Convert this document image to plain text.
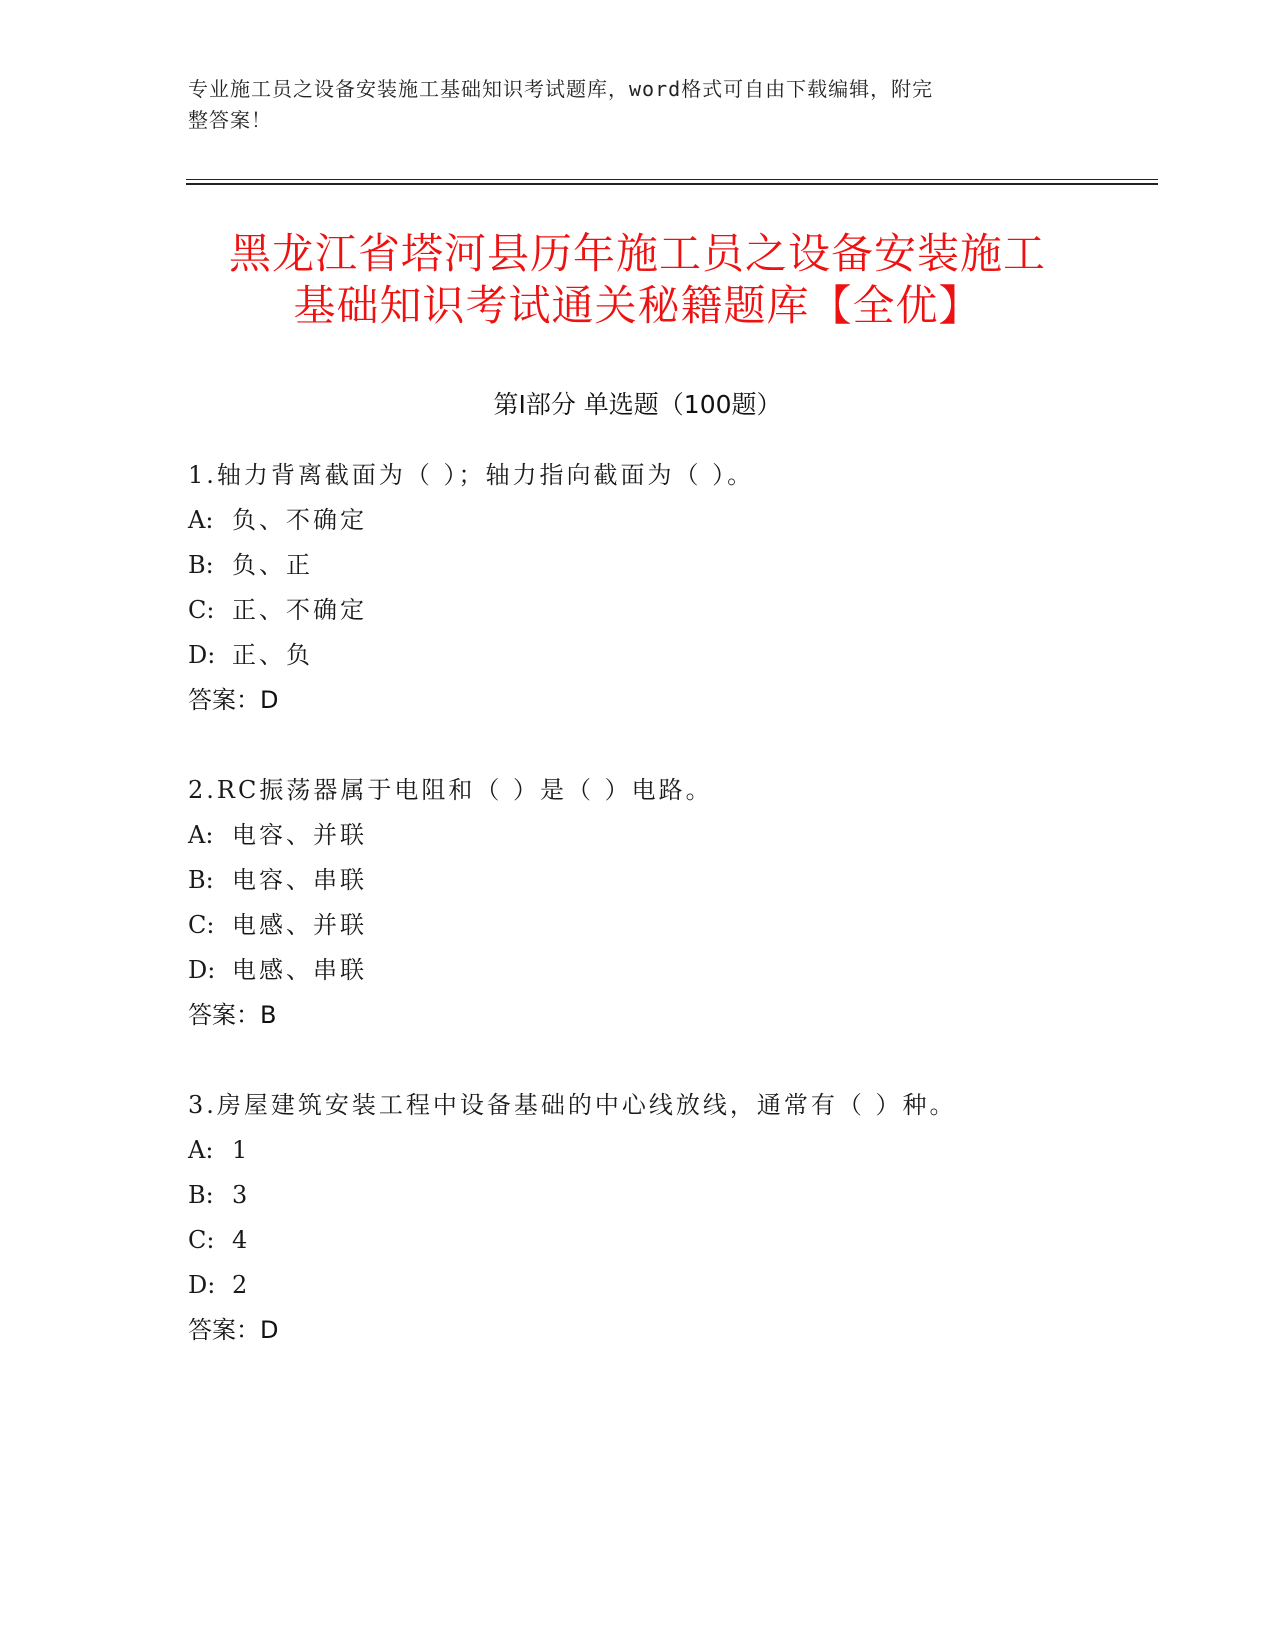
专业施工员之设备安装施工基础知识考试题库，word格式可自由下载编辑，附完
整答案！
黑龙江省塔河县历年施工员之设备安装施工
基础知识考试通关秘籍题库【全优】
第Ⅰ部分 单选题（100题）
1.轴力背离截面为（ ）；轴力指向截面为（ ）。
A: 负、不确定
B: 负、正
C: 正、不确定
D: 正、负
答案：D
2.RC振荡器属于电阻和（ ）是（ ）电路。
A: 电容、并联
B: 电容、串联
C: 电感、并联
D: 电感、串联
答案：B
3.房屋建筑安装工程中设备基础的中心线放线，通常有（ ）种。
A: 1
B: 3
C: 4
D: 2
答案：D
